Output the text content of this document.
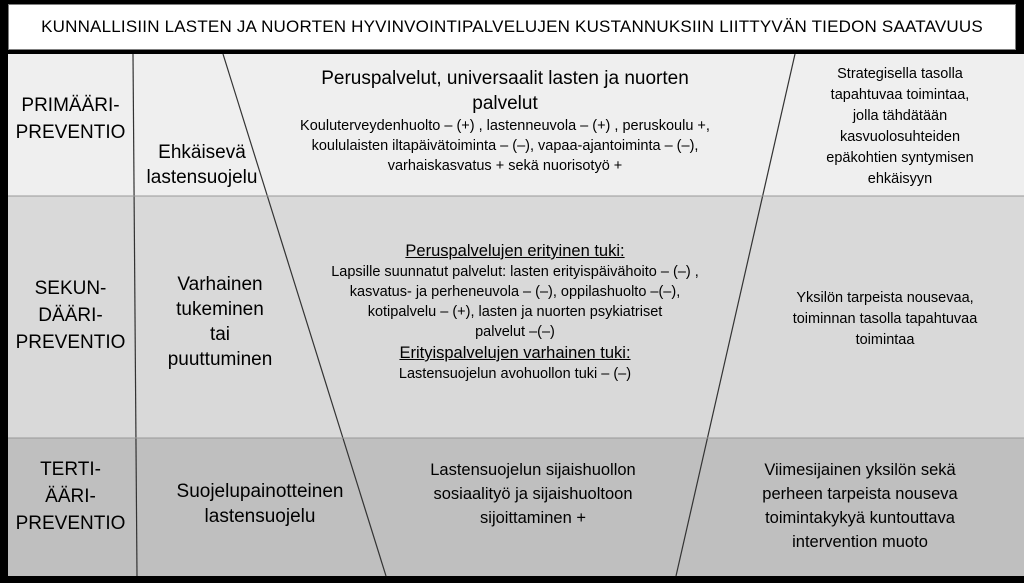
KUNNALLISIIN LASTEN JA NUORTEN HYVINVOINTIPALVELUJEN KUSTANNUKSIIN LIITTYVÄN TIEDON SAATAVUUS
PRIMÄÄRI-
PREVENTIO
Ehkäisevä
lastensuojelu
Peruspalvelut, universaalit lasten ja nuorten
palvelut
Kouluterveydenhuolto – (+) , lastenneuvola – (+) , peruskoulu +,
koululaisten iltapäivätoiminta – (–), vapaa-ajantoiminta – (–),
varhaiskasvatus + sekä nuorisotyö +
Strategisella tasolla
tapahtuvaa toimintaa,
jolla tähdätään
kasvuolosuhteiden
epäkohtien syntymisen
ehkäisyyn
SEKUN-
DÄÄRI-
PREVENTIO
Varhainen
tukeminen
tai
puuttuminen
Peruspalvelujen erityinen tuki:
Lapsille suunnatut palvelut: lasten erityispäivähoito – (–) ,
kasvatus- ja perheneuvola – (–), oppilashuolto –(–),
kotipalvelu – (+), lasten ja nuorten psykiatriset
palvelut –(–)
Erityispalvelujen varhainen tuki:
Lastensuojelun avohuollon tuki – (–)
Yksilön tarpeista nousevaa,
toiminnan tasolla tapahtuvaa
toimintaa
TERTI-
ÄÄRI-
PREVENTIO
Suojelupainotteinen
lastensuojelu
Lastensuojelun sijaishuollon
sosiaalityö ja sijaishuoltoon
sijoittaminen +
Viimesijainen yksilön sekä
perheen tarpeista nouseva
toimintakykyä kuntouttava
intervention muoto
